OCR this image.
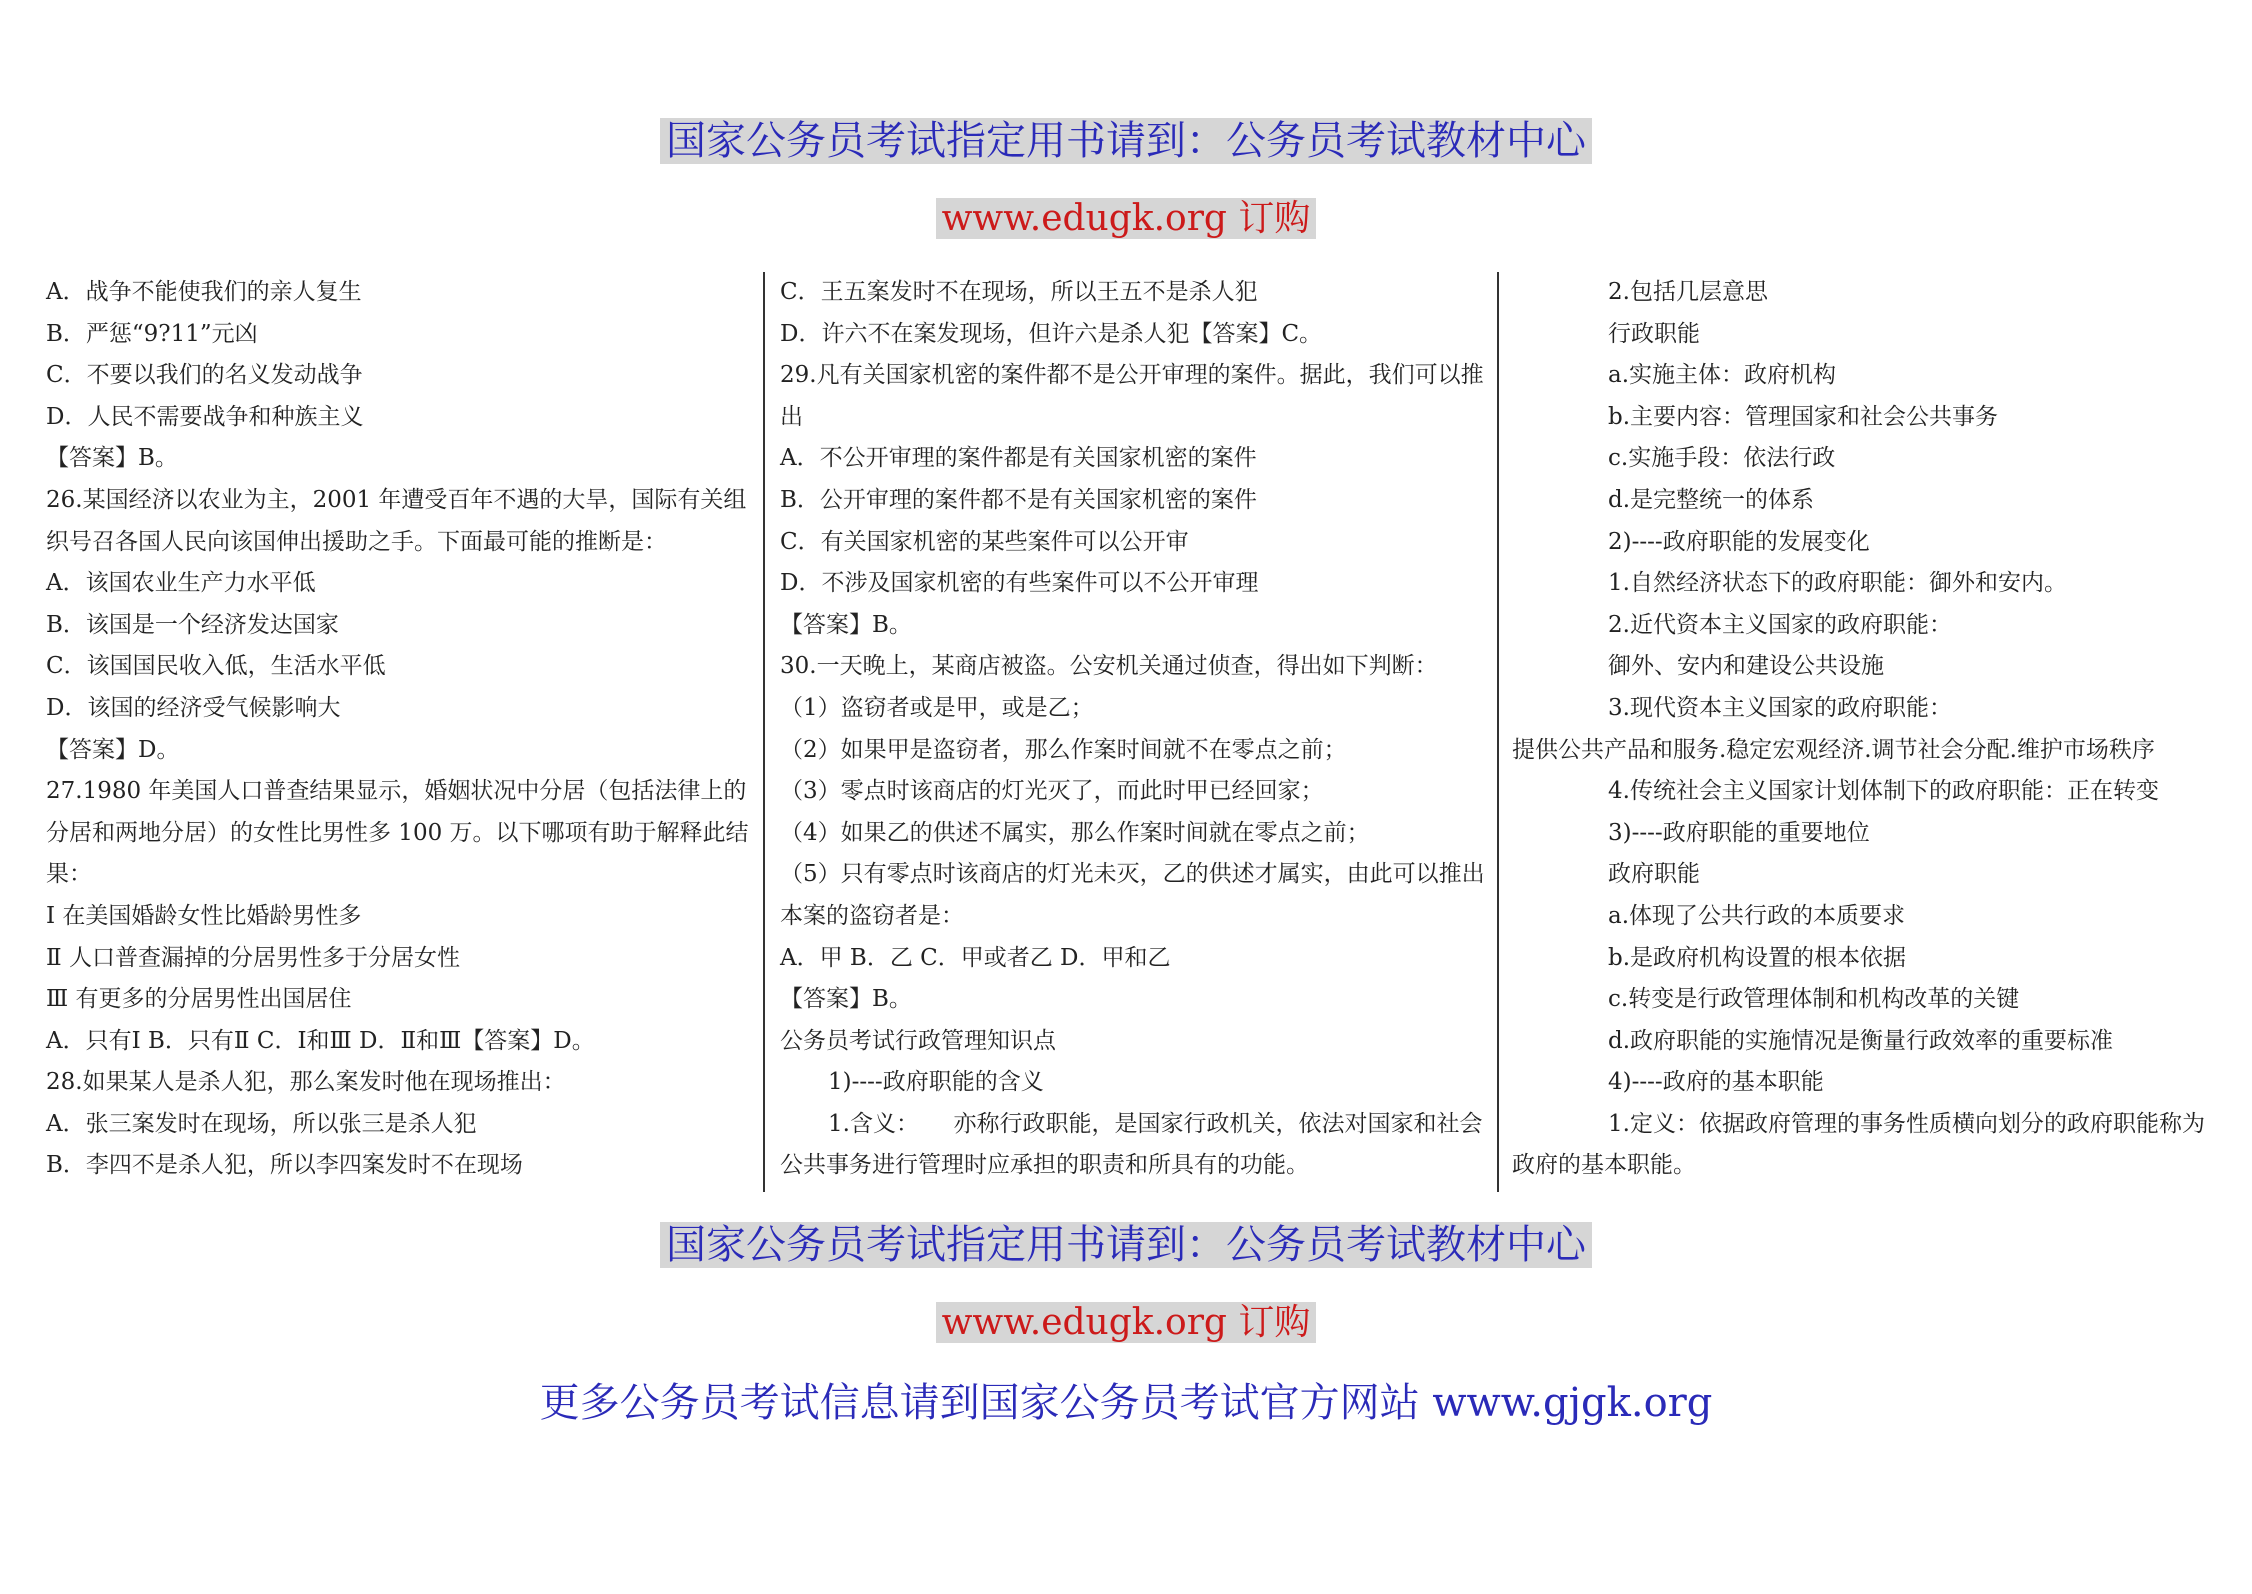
国家公务员考试指定用书请到：公务员考试教材中心
www.edugk.org 订购
A．战争不能使我们的亲人复生
B．严惩“9?11”元凶
C．不要以我们的名义发动战争
D．人民不需要战争和种族主义
【答案】B。
26.某国经济以农业为主，2001 年遭受百年不遇的大旱，国际有关组织号召各国人民向该国伸出援助之手。下面最可能的推断是：
A．该国农业生产力水平低
B．该国是一个经济发达国家
C．该国国民收入低，生活水平低
D．该国的经济受气候影响大
【答案】D。
27.1980 年美国人口普查结果显示，婚姻状况中分居（包括法律上的分居和两地分居）的女性比男性多 100 万。以下哪项有助于解释此结果：
Ⅰ 在美国婚龄女性比婚龄男性多
Ⅱ 人口普查漏掉的分居男性多于分居女性
Ⅲ 有更多的分居男性出国居住
A．只有Ⅰ B．只有Ⅱ C．Ⅰ和Ⅲ D．Ⅱ和Ⅲ【答案】D。
28.如果某人是杀人犯，那么案发时他在现场推出：
A．张三案发时在现场，所以张三是杀人犯
B．李四不是杀人犯，所以李四案发时不在现场
C．王五案发时不在现场，所以王五不是杀人犯
D．许六不在案发现场，但许六是杀人犯【答案】C。
29.凡有关国家机密的案件都不是公开审理的案件。据此，我们可以推出
A．不公开审理的案件都是有关国家机密的案件
B．公开审理的案件都不是有关国家机密的案件
C．有关国家机密的某些案件可以公开审
D．不涉及国家机密的有些案件可以不公开审理
【答案】B。
30.一天晚上，某商店被盗。公安机关通过侦查，得出如下判断：
（1）盗窃者或是甲，或是乙；
（2）如果甲是盗窃者，那么作案时间就不在零点之前；
（3）零点时该商店的灯光灭了，而此时甲已经回家；
（4）如果乙的供述不属实，那么作案时间就在零点之前；
（5）只有零点时该商店的灯光未灭，乙的供述才属实，由此可以推出本案的盗窃者是：
A．甲 B．乙 C．甲或者乙 D．甲和乙
【答案】B。
公务员考试行政管理知识点
1)----政府职能的含义
1.含义：　　亦称行政职能，是国家行政机关，依法对国家和社会公共事务进行管理时应承担的职责和所具有的功能。
2.包括几层意思
行政职能
a.实施主体：政府机构
b.主要内容：管理国家和社会公共事务
c.实施手段：依法行政
d.是完整统一的体系
2)----政府职能的发展变化
1.自然经济状态下的政府职能：御外和安内。
2.近代资本主义国家的政府职能：
御外、安内和建设公共设施
3.现代资本主义国家的政府职能：
提供公共产品和服务.稳定宏观经济.调节社会分配.维护市场秩序
4.传统社会主义国家计划体制下的政府职能：正在转变
3)----政府职能的重要地位
政府职能
a.体现了公共行政的本质要求
b.是政府机构设置的根本依据
c.转变是行政管理体制和机构改革的关键
d.政府职能的实施情况是衡量行政效率的重要标准
4)----政府的基本职能
1.定义：依据政府管理的事务性质横向划分的政府职能称为政府的基本职能。
国家公务员考试指定用书请到：公务员考试教材中心
www.edugk.org 订购
更多公务员考试信息请到国家公务员考试官方网站 www.gjgk.org
